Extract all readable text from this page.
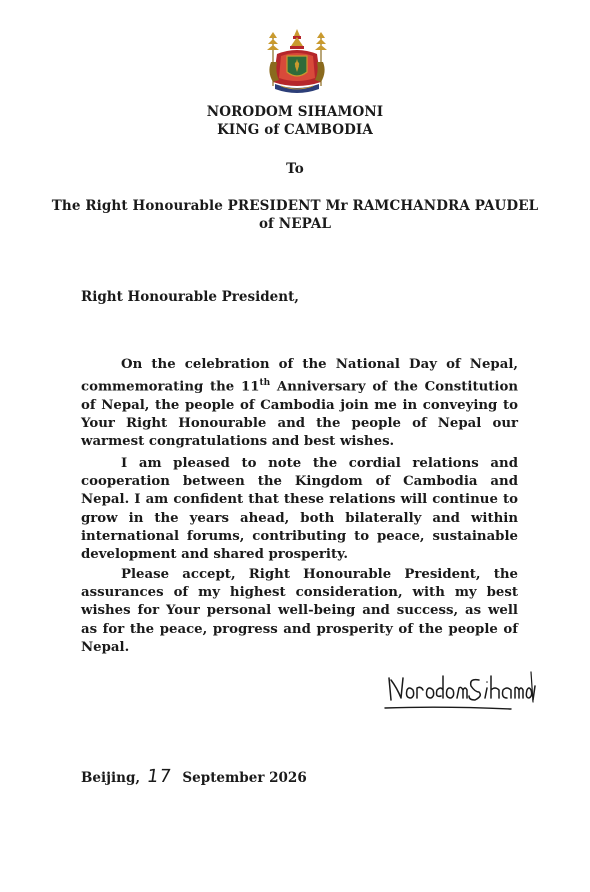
NORODOM SIHAMONI
KING of CAMBODIA
To
The Right Honourable PRESIDENT Mr RAMCHANDRA PAUDEL
of NEPAL
Right Honourable President,

On the celebration of the National Day of Nepal, commemorating the 11th Anniversary of the Constitution of Nepal, the people of Cambodia join me in conveying to Your Right Honourable and the people of Nepal our warmest congratulations and best wishes.

I am pleased to note the cordial relations and cooperation between the Kingdom of Cambodia and Nepal. I am confident that these relations will continue to grow in the years ahead, both bilaterally and within international forums, contributing to peace, sustainable development and shared prosperity.

Please accept, Right Honourable President, the assurances of my highest consideration, with my best wishes for Your personal well-being and success, as well as for the peace, progress and prosperity of the people of Nepal.

Beijing, 17 September 2026
